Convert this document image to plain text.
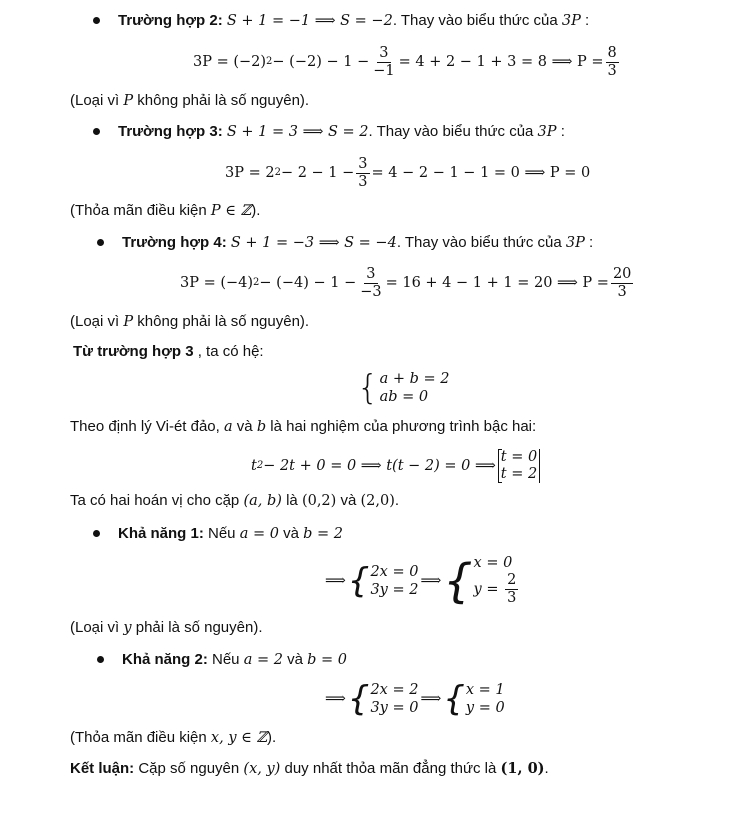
Trường hợp 2: S + 1 = −1 ⟹ S = −2. Thay vào biểu thức của 3P :
3P = (−2) $2 - (-2) - 1 - \frac{3}{-1} = 4 + 2 - 1 + 3 = 8$ ⟹ $P = \frac{8}{3}$
(Loại vì P không phải là số nguyên).
Trường hợp 3: S + 1 = 3 ⟹ S = 2. Thay vào biểu thức của 3P :
3P = 2 $2 - 2 - 1 - \frac{3}{3} = 4 - 2 - 1 - 1 = 0$ ⟹ P = 0
(Thỏa mãn điều kiện P ∈ ℤ).
Trường hợp 4: S + 1 = −3 ⟹ S = −4. Thay vào biểu thức của 3P :
3P = (−4) $2 - (-4) - 1 - \frac{3}{-3} = 16 + 4 - 1 + 1 = 20$ ⟹ $P = \frac{20}{3}$
(Loại vì P không phải là số nguyên).
Từ trường hợp 3 , ta có hệ:
{ a + b = 2
ab = 0
Theo định lý Vi-ét đảo, a và b là hai nghiệm của phương trình bậc hai:
t 2 − 2t + 0 = 0 ⟹ t(t − 2) = 0 ⟹
t = 0
t = 2
Ta có hai hoán vị cho cặp (a, b) là (0,2) và (2,0).
Khả năng 1: Nếu a = 0 và b = 2
⟹ { 2x = 0
3y = 2
⟹ { x = 0
$y = \frac{2}{3}$
(Loại vì y phải là số nguyên).
Khả năng 2: Nếu a = 2 và b = 0
⟹ { 2x = 2
3y = 0
⟹ { x = 1
y = 0
(Thỏa mãn điều kiện x, y ∈ ℤ).
Kết luận: Cặp số nguyên (x, y) duy nhất thỏa mãn đẳng thức là (1, 0).
